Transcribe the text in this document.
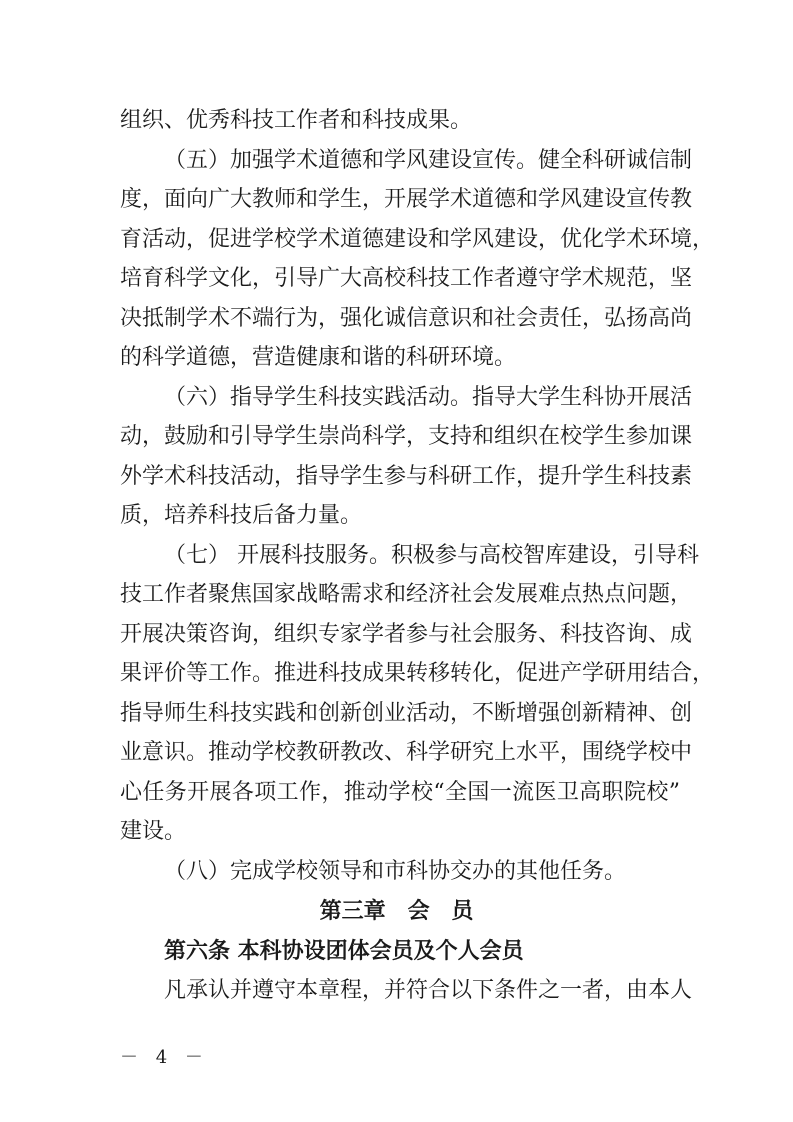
组织、优秀科技工作者和科技成果。
（五）加强学术道德和学风建设宣传。健全科研诚信制
度，面向广大教师和学生，开展学术道德和学风建设宣传教
育活动，促进学校学术道德建设和学风建设，优化学术环境，
培育科学文化，引导广大高校科技工作者遵守学术规范，坚
决抵制学术不端行为，强化诚信意识和社会责任，弘扬高尚
的科学道德，营造健康和谐的科研环境。
（六）指导学生科技实践活动。指导大学生科协开展活
动，鼓励和引导学生崇尚科学，支持和组织在校学生参加课
外学术科技活动，指导学生参与科研工作，提升学生科技素
质，培养科技后备力量。
（七） 开展科技服务。积极参与高校智库建设，引导科
技工作者聚焦国家战略需求和经济社会发展难点热点问题，
开展决策咨询，组织专家学者参与社会服务、科技咨询、成
果评价等工作。推进科技成果转移转化，促进产学研用结合，
指导师生科技实践和创新创业活动，不断增强创新精神、创
业意识。推动学校教研教改、科学研究上水平，围绕学校中
心任务开展各项工作，推动学校“全国一流医卫高职院校”
建设。
（八）完成学校领导和市科协交办的其他任务。
第三章　会 员
第六条 本科协设团体会员及个人会员
凡承认并遵守本章程，并符合以下条件之一者，由本人
－ 4 －
